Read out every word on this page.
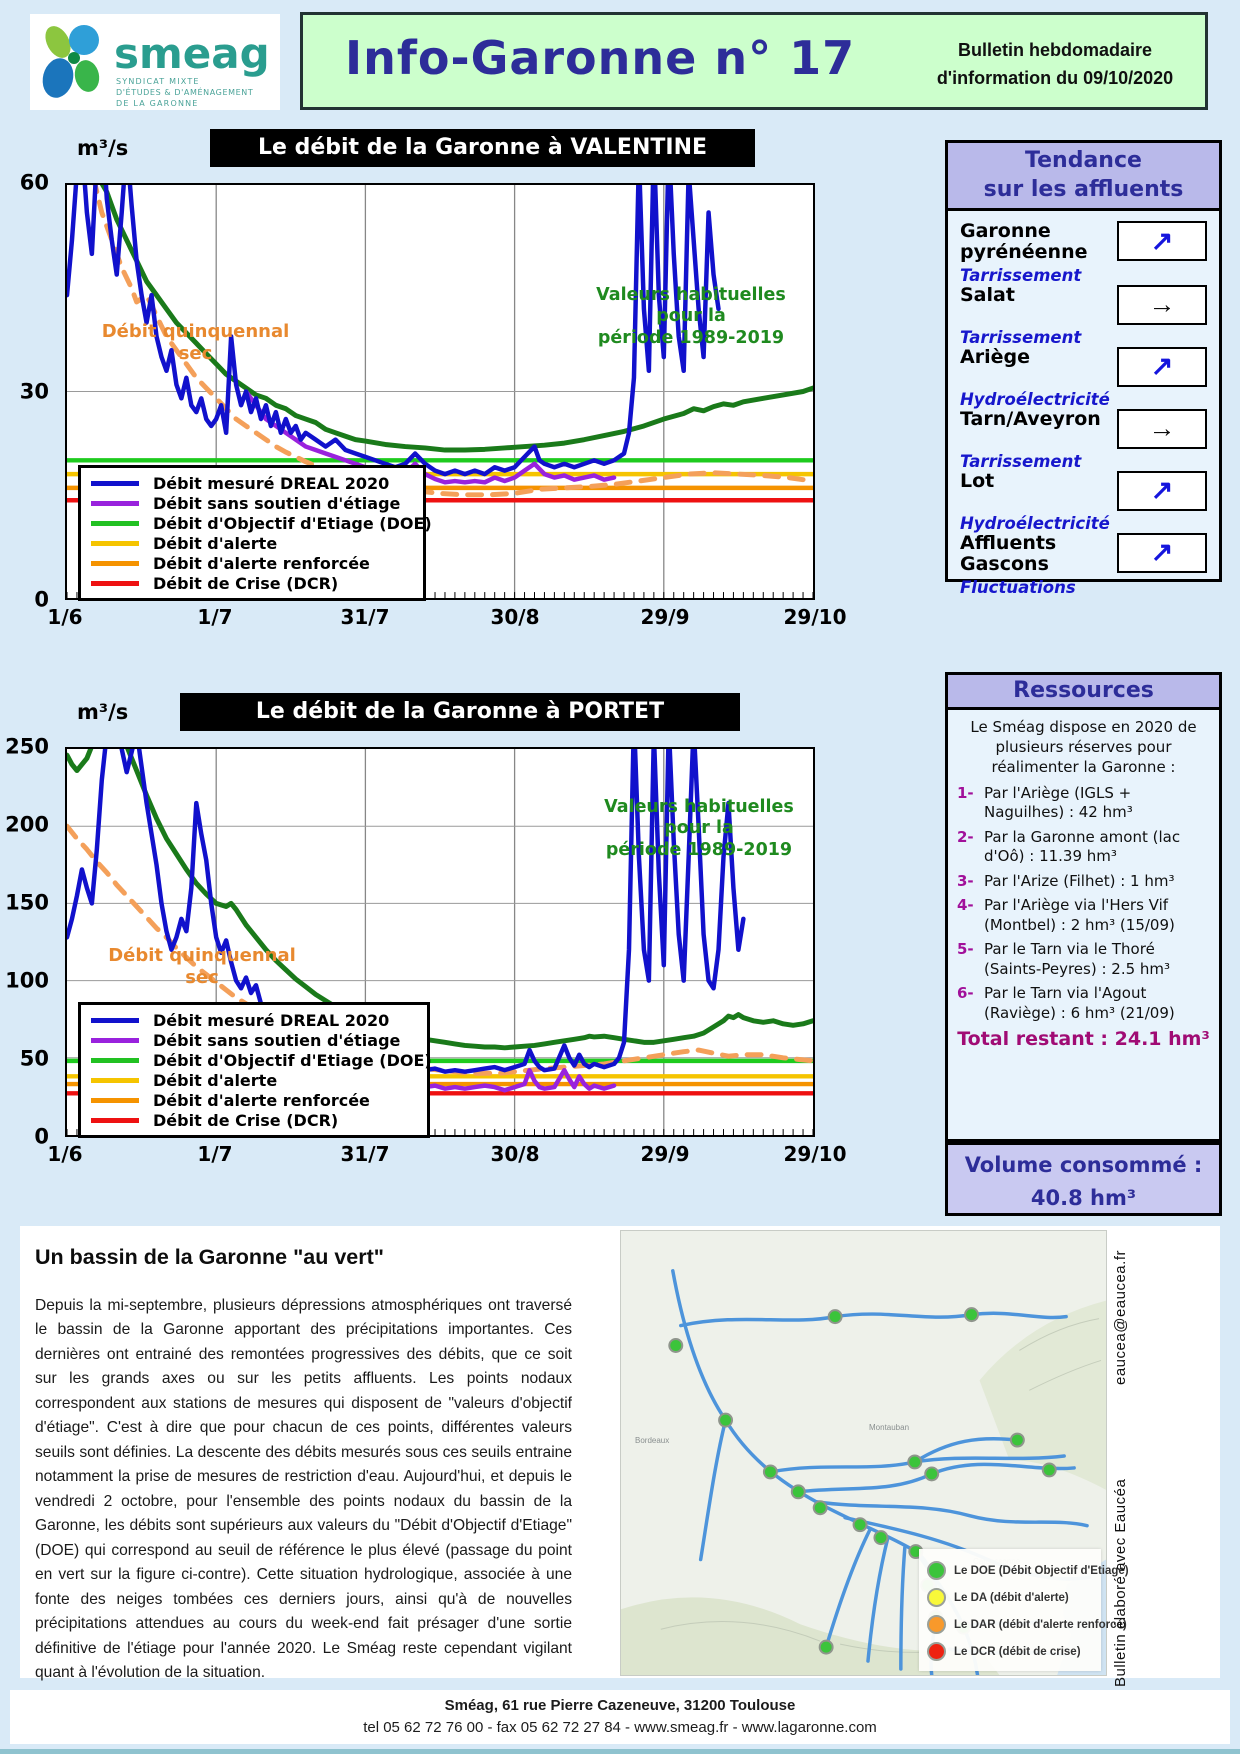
smeag
SYNDICAT MIXTE
D'ÉTUDES & D'AMÉNAGEMENT
DE LA GARONNE
Info-Garonne n° 17	Bulletin hebdomadaire
d'information du 09/10/2020
Le débit de la Garonne à VALENTINE
m³/s
60
30
0
1/6	1/7	31/7	30/8	29/9	29/10
Débit quinquennal
sec
Valeurs habituelles pour la
période 1989-2019
Débit mesuré DREAL 2020
Débit sans soutien d'étiage
Débit d'Objectif d'Etiage (DOE)
Débit d'alerte
Débit d'alerte renforcée
Débit de Crise (DCR)
Le débit de la Garonne à PORTET
m³/s
250
200
150
100
50
0
1/6	1/7	31/7	30/8	29/9	29/10
Débit quinquennal
sec
Valeurs habituelles pour la
période 1989-2019
Débit mesuré DREAL 2020
Débit sans soutien d'étiage
Débit d'Objectif d'Etiage (DOE)
Débit d'alerte
Débit d'alerte renforcée
Débit de Crise (DCR)
Tendance
sur les affluents
Garonne pyrénéenne	↗
Tarrissement
Salat	→
Tarrissement
Ariège	↗
Hydroélectricité
Tarn/Aveyron	→
Tarrissement
Lot	↗
Hydroélectricité
Affluents Gascons	↗
Fluctuations
Ressources
Le Sméag dispose en 2020 de plusieurs réserves pour réalimenter la Garonne :
1- Par l'Ariège (IGLS + Naguilhes) : 42 hm³
2- Par la Garonne amont (lac d'Oô) : 11.39 hm³
3- Par l'Arize (Filhet) : 1 hm³
4- Par l'Ariège via l'Hers Vif (Montbel) : 2 hm³ (15/09)
5- Par le Tarn via le Thoré (Saints-Peyres) : 2.5 hm³
6- Par le Tarn via l'Agout (Raviège) : 6 hm³ (21/09)
Total restant : 24.1 hm³
Volume consommé :
40.8 hm³
Un bassin de la Garonne "au vert"

Depuis la mi-septembre, plusieurs dépressions atmosphériques ont traversé le bassin de la Garonne apportant des précipitations importantes. Ces dernières ont entrainé des remontées progressives des débits, que ce soit sur les grands axes ou sur les petits affluents. Les points nodaux correspondent aux stations de mesures qui disposent de "valeurs d'objectif d'étiage". C'est à dire que pour chacun de ces points, différentes valeurs seuils sont définies. La descente des débits mesurés sous ces seuils entraine notamment la prise de mesures de restriction d'eau. Aujourd'hui, et depuis le vendredi 2 octobre, pour l'ensemble des points nodaux du bassin de la Garonne, les débits sont supérieurs aux valeurs du "Débit d'Objectif d'Etiage" (DOE) qui correspond au seuil de référence le plus élevé (passage du point en vert sur la figure ci-contre). Cette situation hydrologique, associée à une fonte des neiges tombées ces derniers jours, ainsi qu'à de nouvelles précipitations attendues au cours du week-end fait présager d'une sortie définitive de l'étiage pour l'année 2020. Le Sméag reste cependant vigilant quant à l'évolution de la situation.

Bordeaux
Montauban
Le DOE (Débit Objectif d'Etiage)
Le DA (débit d'alerte)
Le DAR (débit d'alerte renforcé)
Le DCR (débit de crise)
eaucea@eaucea.fr
Bulletin élaboré avec Eaucéa
Sméag, 61 rue Pierre Cazeneuve, 31200 Toulouse
tel 05 62 72 76 00 - fax 05 62 72 27 84 - www.smeag.fr - www.lagaronne.com
